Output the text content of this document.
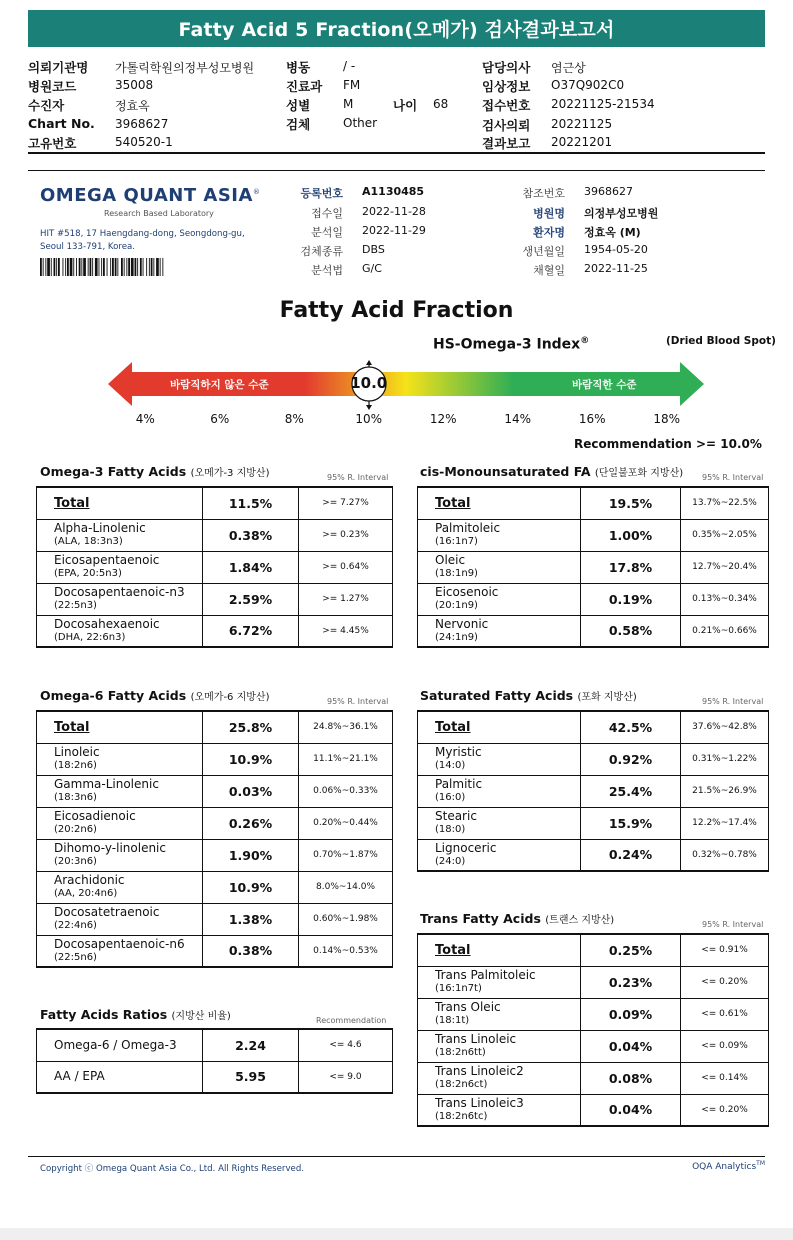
Fatty Acid 5 Fraction(오메가) 검사결과보고서
의뢰기관명 가톨릭학원의정부성모병원
병원코드	35008
수진자	정효옥
Chart No. 3968627
고유번호	540520-1
병동	/ -
진료과 FM
성별	M
검체	Other
나이 68
담당의사 염근상
임상정보 O37Q902C0
접수번호 20221125-21534
검사의뢰 20221125
결과보고 20221201
OMEGA QUANT ASIA®
Research Based Laboratory
HIT #518, 17 Haengdang-dong, Seongdong-gu,
Seoul 133-791, Korea.
등록번호 A1130485
접수일 2022-11-28
분석일 2022-11-29
검체종류 DBS
분석법 G/C
참조번호 3968627
병원명 의정부성모병원
환자명 정효옥 (M)
생년월일 1954-05-20
채혈일 2022-11-25
Fatty Acid Fraction
HS-Omega-3 Index®	(Dried Blood Spot)
바람직하지 않은 수준	바람직한 수준
10.0
4%	6%	8%	10%	12%	14%	16%	18%
Recommendation >= 10.0%
Omega-3 Fatty Acids (오메가-3 지방산)	95% R. Interval
Total	11.5%	>= 7.27%
Alpha-Linolenic
(ALA, 18:3n3)	0.38%	>= 0.23%
Eicosapentaenoic
(EPA, 20:5n3)	1.84%	>= 0.64%
Docosapentaenoic-n3
(22:5n3)	2.59%	>= 1.27%
Docosahexaenoic
(DHA, 22:6n3)	6.72%	>= 4.45%
cis-Monounsaturated FA (단일불포화 지방산) 95% R. Interval
Total	19.5%	13.7%~22.5%
Palmitoleic
(16:1n7)	1.00%	0.35%~2.05%
Oleic
(18:1n9)	17.8%	12.7%~20.4%
Eicosenoic
(20:1n9)	0.19%	0.13%~0.34%
Nervonic
(24:1n9)	0.58%	0.21%~0.66%
Omega-6 Fatty Acids (오메가-6 지방산)	95% R. Interval
Total	25.8%	24.8%~36.1%
Linoleic
(18:2n6)	10.9%	11.1%~21.1%
Gamma-Linolenic
(18:3n6)	0.03%	0.06%~0.33%
Eicosadienoic
(20:2n6)	0.26%	0.20%~0.44%
Dihomo-y-linolenic
(20:3n6)	1.90%	0.70%~1.87%
Arachidonic
(AA, 20:4n6)	10.9%	8.0%~14.0%
Docosatetraenoic
(22:4n6)	1.38%	0.60%~1.98%
Docosapentaenoic-n6
(22:5n6)	0.38%	0.14%~0.53%
Saturated Fatty Acids (포화 지방산)	95% R. Interval
Total	42.5%	37.6%~42.8%
Myristic
(14:0)	0.92%	0.31%~1.22%
Palmitic
(16:0)	25.4%	21.5%~26.9%
Stearic
(18:0)	15.9%	12.2%~17.4%
Lignoceric
(24:0)	0.24%	0.32%~0.78%
Trans Fatty Acids (트랜스 지방산)	95% R. Interval
Total	0.25%	<= 0.91%
Trans Palmitoleic
(16:1n7t)	0.23%	<= 0.20%
Trans Oleic
(18:1t)	0.09%	<= 0.61%
Trans Linoleic
(18:2n6tt)	0.04%	<= 0.09%
Trans Linoleic2
(18:2n6ct)	0.08%	<= 0.14%
Trans Linoleic3
(18:2n6tc)	0.04%	<= 0.20%
Fatty Acids Ratios (지방산 비율)	Recommendation
Omega-6 / Omega-3	2.24	<= 4.6
AA / EPA	5.95	<= 9.0
Copyright ⓒ Omega Quant Asia Co., Ltd. All Rights Reserved.	OQA Analytics™
